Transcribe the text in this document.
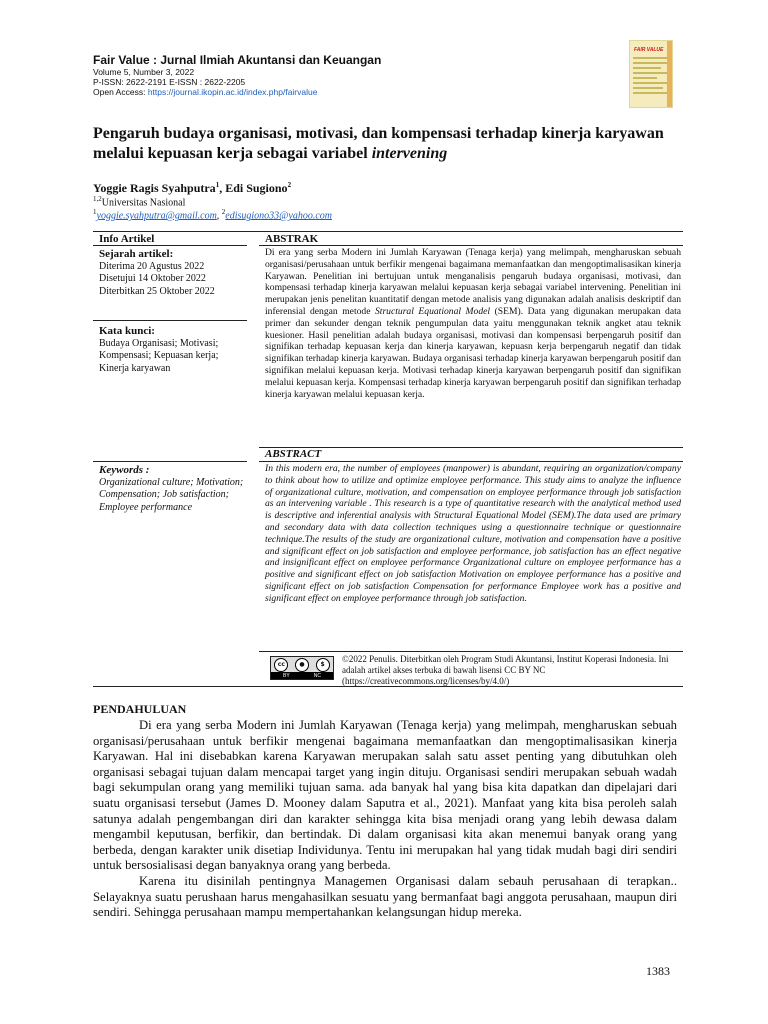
Fair Value : Jurnal Ilmiah Akuntansi dan Keuangan
Volume 5, Number 3, 2022
P-ISSN: 2622-2191 E-ISSN : 2622-2205
Open Access: https://journal.ikopin.ac.id/index.php/fairvalue
FAIR VALUE
Pengaruh budaya organisasi, motivasi, dan kompensasi terhadap kinerja karyawan melalui kepuasan kerja sebagai variabel intervening
Yoggie Ragis Syahputra$^1$, Edi Sugiono$^2$
$^{1,2}$Universitas Nasional
$^1$yoggie.syahputra@gmail.com, $^2$edisugiono33@yahoo.com
Info Artikel	ABSTRAK
Sejarah artikel:
Diterima 20 Agustus 2022
Disetujui 14 Oktober 2022
Diterbitkan 25 Oktober 2022
Kata kunci:
Budaya Organisasi; Motivasi; Kompensasi; Kepuasan kerja; Kinerja karyawan
Di era yang serba Modern ini Jumlah Karyawan (Tenaga kerja) yang melimpah, mengharuskan sebuah organisasi/perusahaan untuk berfikir mengenai bagaimana memanfaatkan dan mengoptimalisasikan kinerja Karyawan. Penelitian ini bertujuan untuk menganalisis pengaruh budaya organisasi, motivasi, dan kompensasi terhadap kinerja karyawan melalui kepuasan kerja sebagai variabel intervening. Penelitian ini merupakan jenis penelitan kuantitatif dengan metode analisis yang digunakan adalah analisis deskriptif dan inferensial dengan metode Structural Equational Model (SEM). Data yang digunakan merupakan data primer dan sekunder dengan teknik pengumpulan data yaitu menggunakan teknik angket atau teknik kuesioner. Hasil penelitian adalah budaya organisasi, motivasi dan kompensasi berpengaruh positif dan signifikan terhadap kepuasan kerja dan kinerja karyawan, kepuasn kerja berpengaruh negatif dan tidak signifikan terhadap kinerja karyawan. Budaya organisasi terhadap kinerja karyawan berpengaruh positif dan signifikan melalui kepuasan kerja. Motivasi terhadap kinerja karyawan berpengaruh positif dan signifikan melalui kepuasan kerja. Kompensasi terhadap kinerja karyawan berpengaruh positif dan signifikan terhadap kinerja karyawan melalui kepuasan kerja.
ABSTRACT
Keywords :
Organizational culture; Motivation; Compensation; Job satisfaction; Employee performance
In this modern era, the number of employees (manpower) is abundant, requiring an organization/company to think about how to utilize and optimize employee performance. This study aims to analyze the influence of organizational culture, motivation, and compensation on employee performance through job satisfaction as an intervening variable . This research is a type of quantitative research with the analytical method used is descriptive and inferential analysis with Structural Equational Model (SEM).The data used are primary and secondary data with data collection techniques using a questionnaire technique or questionnaire technique.The results of the study are organizational culture, motivation and compensation have a positive and significant effect on job satisfaction and employee performance, job satisfaction has an effect negative and insignificant effect on employee performance Organizational culture on employee performance has a positive and significant effect on job satisfaction Motivation on employee performance has a positive and significant effect on job satisfaction Compensation for performance Employee work has a positive and significant effect on employee performance through job satisfaction.
cc	●	$
BY	NC
©2022 Penulis. Diterbitkan oleh Program Studi Akuntansi, Institut Koperasi Indonesia. Ini adalah artikel akses terbuka di bawah lisensi CC BY NC (https://creativecommons.org/licenses/by/4.0/)
PENDAHULUAN

Di era yang serba Modern ini Jumlah Karyawan (Tenaga kerja) yang melimpah, mengharuskan sebuah organisasi/perusahaan untuk berfikir mengenai bagaimana memanfaatkan dan mengoptimalisasikan kinerja Karyawan. Hal ini disebabkan karena Karyawan merupakan salah satu asset penting yang dibutuhkan oleh organisasi sebagai tujuan dalam mencapai target yang ingin dituju. Organisasi sendiri merupakan sebuah wadah bagi sekumpulan orang yang memiliki tujuan sama. ada banyak hal yang bisa kita dapatkan dan dipelajari dari suatu organisasi tersebut (James D. Mooney dalam Saputra et al., 2021). Manfaat yang kita bisa peroleh salah satunya adalah pengembangan diri dan karakter sehingga kita bisa menjadi orang yang lebih dewasa dalam mengambil keputusan, berfikir, dan bertindak. Di dalam organisasi kita akan menemui banyak orang yang berbeda, dengan karakter unik disetiap Individunya. Tentu ini merupakan hal yang tidak mudah bagi diri sendiri untuk bersosialisasi degan banyaknya orang yang berbeda.

Karena itu disinilah pentingnya Managemen Organisasi dalam sebauh perusahaan di terapkan.. Selayaknya suatu perushaan harus mengahasilkan sesuatu yang bermanfaat bagi anggota perusahaan, maupun diri sendiri. Sehingga perusahaan mampu mempertahankan kelangsungan hidup mereka.

1383
